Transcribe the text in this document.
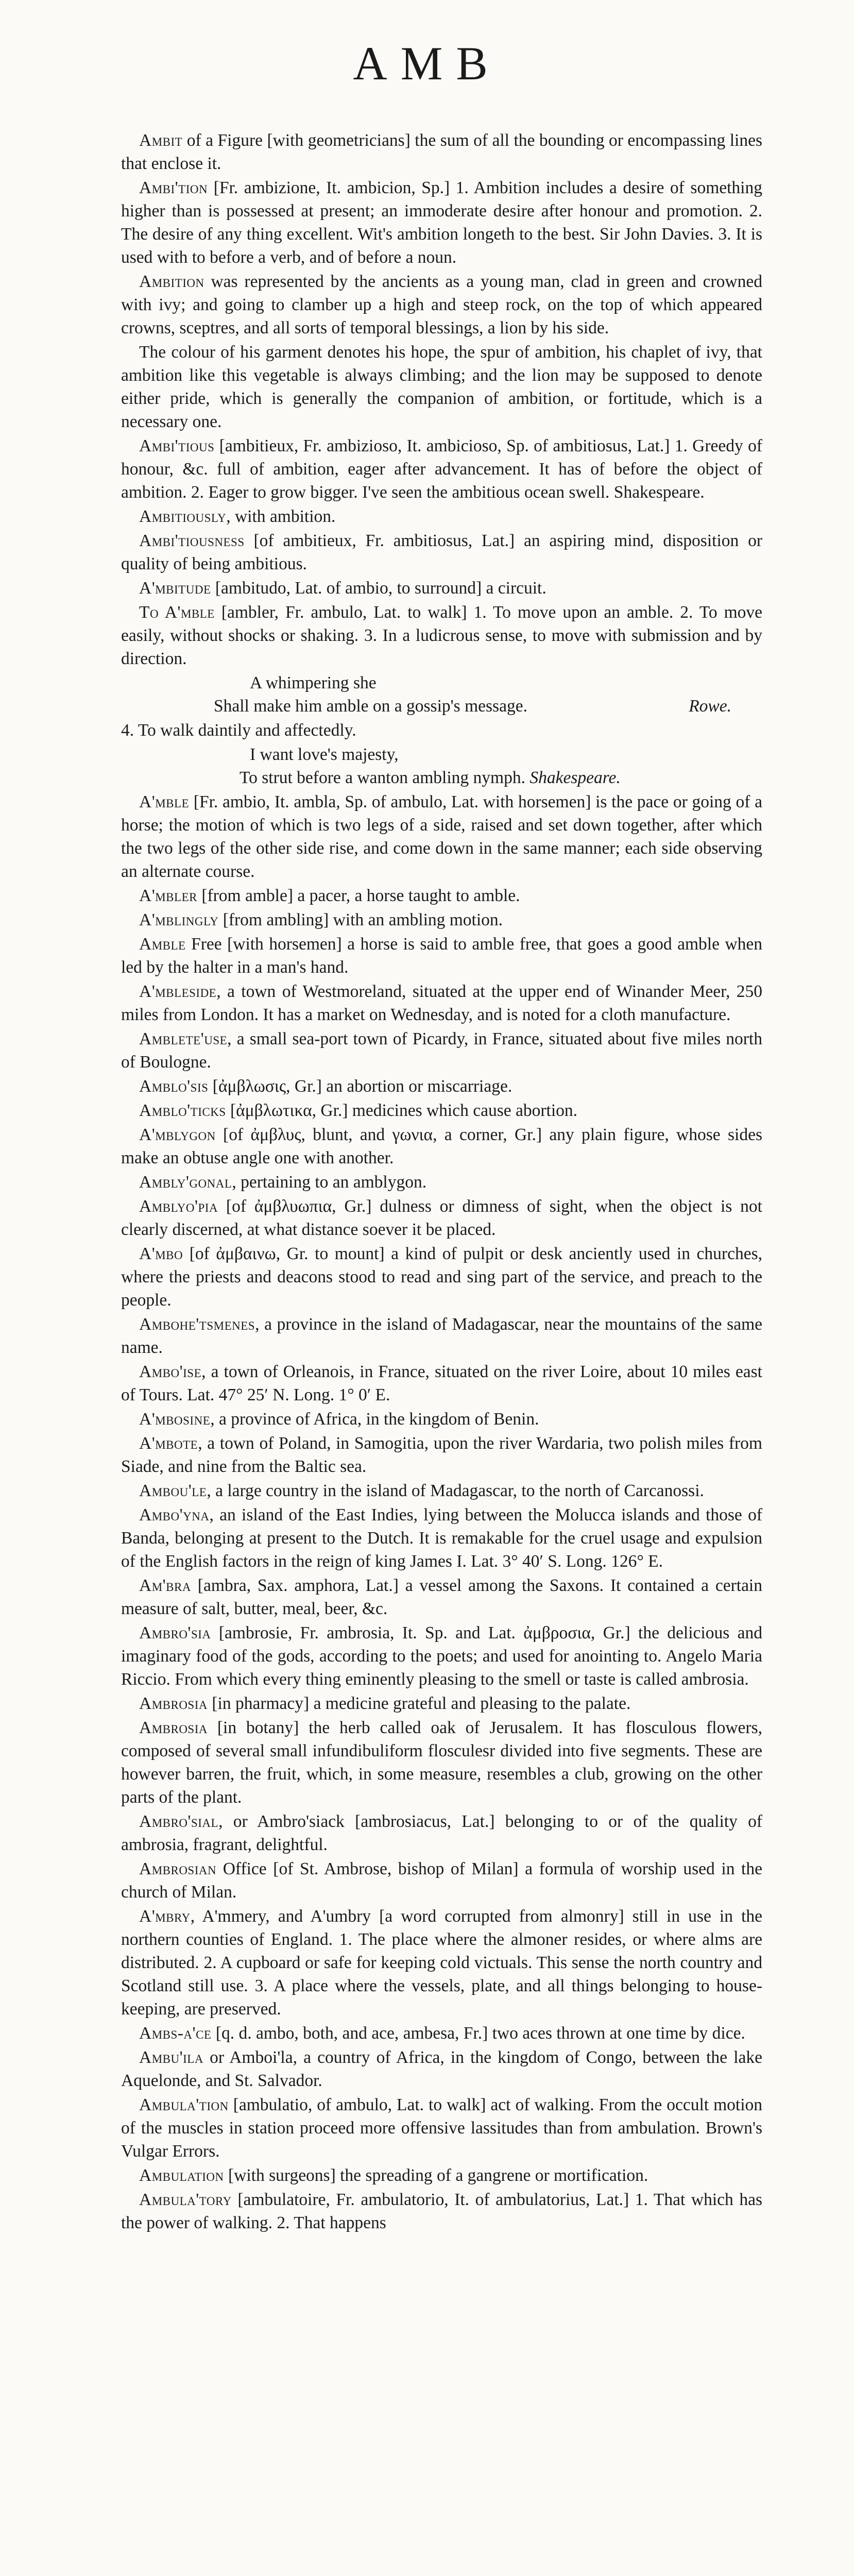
AMB
Ambit of a Figure [with geometricians] the sum of all the bounding or encompassing lines that enclose it.
Ambi'tion [Fr. ambizione, It. ambicion, Sp.] 1. Ambition includes a desire of something higher than is possessed at present; an immoderate desire after honour and promotion. 2. The desire of any thing excellent. Wit's ambition longeth to the best. Sir John Davies. 3. It is used with to before a verb, and of before a noun.
Ambition was represented by the ancients as a young man, clad in green and crowned with ivy; and going to clamber up a high and steep rock, on the top of which appeared crowns, sceptres, and all sorts of temporal blessings, a lion by his side.
The colour of his garment denotes his hope, the spur of ambition, his chaplet of ivy, that ambition like this vegetable is always climbing; and the lion may be supposed to denote either pride, which is generally the companion of ambition, or fortitude, which is a necessary one.
Ambi'tious [ambitieux, Fr. ambizioso, It. ambicioso, Sp. of ambitiosus, Lat.] 1. Greedy of honour, &c. full of ambition, eager after advancement. It has of before the object of ambition. 2. Eager to grow bigger. I've seen the ambitious ocean swell. Shakespeare.
Ambitiously, with ambition.
Ambi'tiousness [of ambitieux, Fr. ambitiosus, Lat.] an aspiring mind, disposition or quality of being ambitious.
A'mbitude [ambitudo, Lat. of ambio, to surround] a circuit.
To A'mble [ambler, Fr. ambulo, Lat. to walk] 1. To move upon an amble. 2. To move easily, without shocks or shaking. 3. In a ludicrous sense, to move with submission and by direction.
A whimpering she
Shall make him amble on a gossip's message.	Rowe.
4. To walk daintily and affectedly.
I want love's majesty,
To strut before a wanton ambling nymph. Shakespeare.
A'mble [Fr. ambio, It. ambla, Sp. of ambulo, Lat. with horsemen] is the pace or going of a horse; the motion of which is two legs of a side, raised and set down together, after which the two legs of the other side rise, and come down in the same manner; each side observing an alternate course.
A'mbler [from amble] a pacer, a horse taught to amble.
A'mblingly [from ambling] with an ambling motion.
Amble Free [with horsemen] a horse is said to amble free, that goes a good amble when led by the halter in a man's hand.
A'mbleside, a town of Westmoreland, situated at the upper end of Winander Meer, 250 miles from London. It has a market on Wednesday, and is noted for a cloth manufacture.
Amblete'use, a small sea-port town of Picardy, in France, situated about five miles north of Boulogne.
Amblo'sis [ἀμβλωσις, Gr.] an abortion or miscarriage.
Amblo'ticks [ἀμβλωτικα, Gr.] medicines which cause abortion.
A'mblygon [of ἀμβλυς, blunt, and γωνια, a corner, Gr.] any plain figure, whose sides make an obtuse angle one with another.
Ambly'gonal, pertaining to an amblygon.
Amblyo'pia [of ἀμβλυωπια, Gr.] dulness or dimness of sight, when the object is not clearly discerned, at what distance soever it be placed.
A'mbo [of ἀμβαινω, Gr. to mount] a kind of pulpit or desk anciently used in churches, where the priests and deacons stood to read and sing part of the service, and preach to the people.
Ambohe'tsmenes, a province in the island of Madagascar, near the mountains of the same name.
Ambo'ise, a town of Orleanois, in France, situated on the river Loire, about 10 miles east of Tours. Lat. 47° 25′ N. Long. 1° 0′ E.
A'mbosine, a province of Africa, in the kingdom of Benin.
A'mbote, a town of Poland, in Samogitia, upon the river Wardaria, two polish miles from Siade, and nine from the Baltic sea.
Ambou'le, a large country in the island of Madagascar, to the north of Carcanossi.
Ambo'yna, an island of the East Indies, lying between the Molucca islands and those of Banda, belonging at present to the Dutch. It is remakable for the cruel usage and expulsion of the English factors in the reign of king James I. Lat. 3° 40′ S. Long. 126° E.
Am'bra [ambra, Sax. amphora, Lat.] a vessel among the Saxons. It contained a certain measure of salt, butter, meal, beer, &c.
Ambro'sia [ambrosie, Fr. ambrosia, It. Sp. and Lat. ἀμβροσια, Gr.] the delicious and imaginary food of the gods, according to the poets; and used for anointing to. Angelo Maria Riccio. From which every thing eminently pleasing to the smell or taste is called ambrosia.
Ambrosia [in pharmacy] a medicine grateful and pleasing to the palate.
Ambrosia [in botany] the herb called oak of Jerusalem. It has flosculous flowers, composed of several small infundibuliform flosculesr divided into five segments. These are however barren, the fruit, which, in some measure, resembles a club, growing on the other parts of the plant.
Ambro'sial, or Ambro'siack [ambrosiacus, Lat.] belonging to or of the quality of ambrosia, fragrant, delightful.
Ambrosian Office [of St. Ambrose, bishop of Milan] a formula of worship used in the church of Milan.
A'mbry, A'mmery, and A'umbry [a word corrupted from almonry] still in use in the northern counties of England. 1. The place where the almoner resides, or where alms are distributed. 2. A cupboard or safe for keeping cold victuals. This sense the north country and Scotland still use. 3. A place where the vessels, plate, and all things belonging to house-keeping, are preserved.
Ambs-a'ce [q. d. ambo, both, and ace, ambesa, Fr.] two aces thrown at one time by dice.
Ambu'ila or Amboi'la, a country of Africa, in the kingdom of Congo, between the lake Aquelonde, and St. Salvador.
Ambula'tion [ambulatio, of ambulo, Lat. to walk] act of walking. From the occult motion of the muscles in station proceed more offensive lassitudes than from ambulation. Brown's Vulgar Errors.
Ambulation [with surgeons] the spreading of a gangrene or mortification.
Ambula'tory [ambulatoire, Fr. ambulatorio, It. of ambulatorius, Lat.] 1. That which has the power of walking. 2. That happens
